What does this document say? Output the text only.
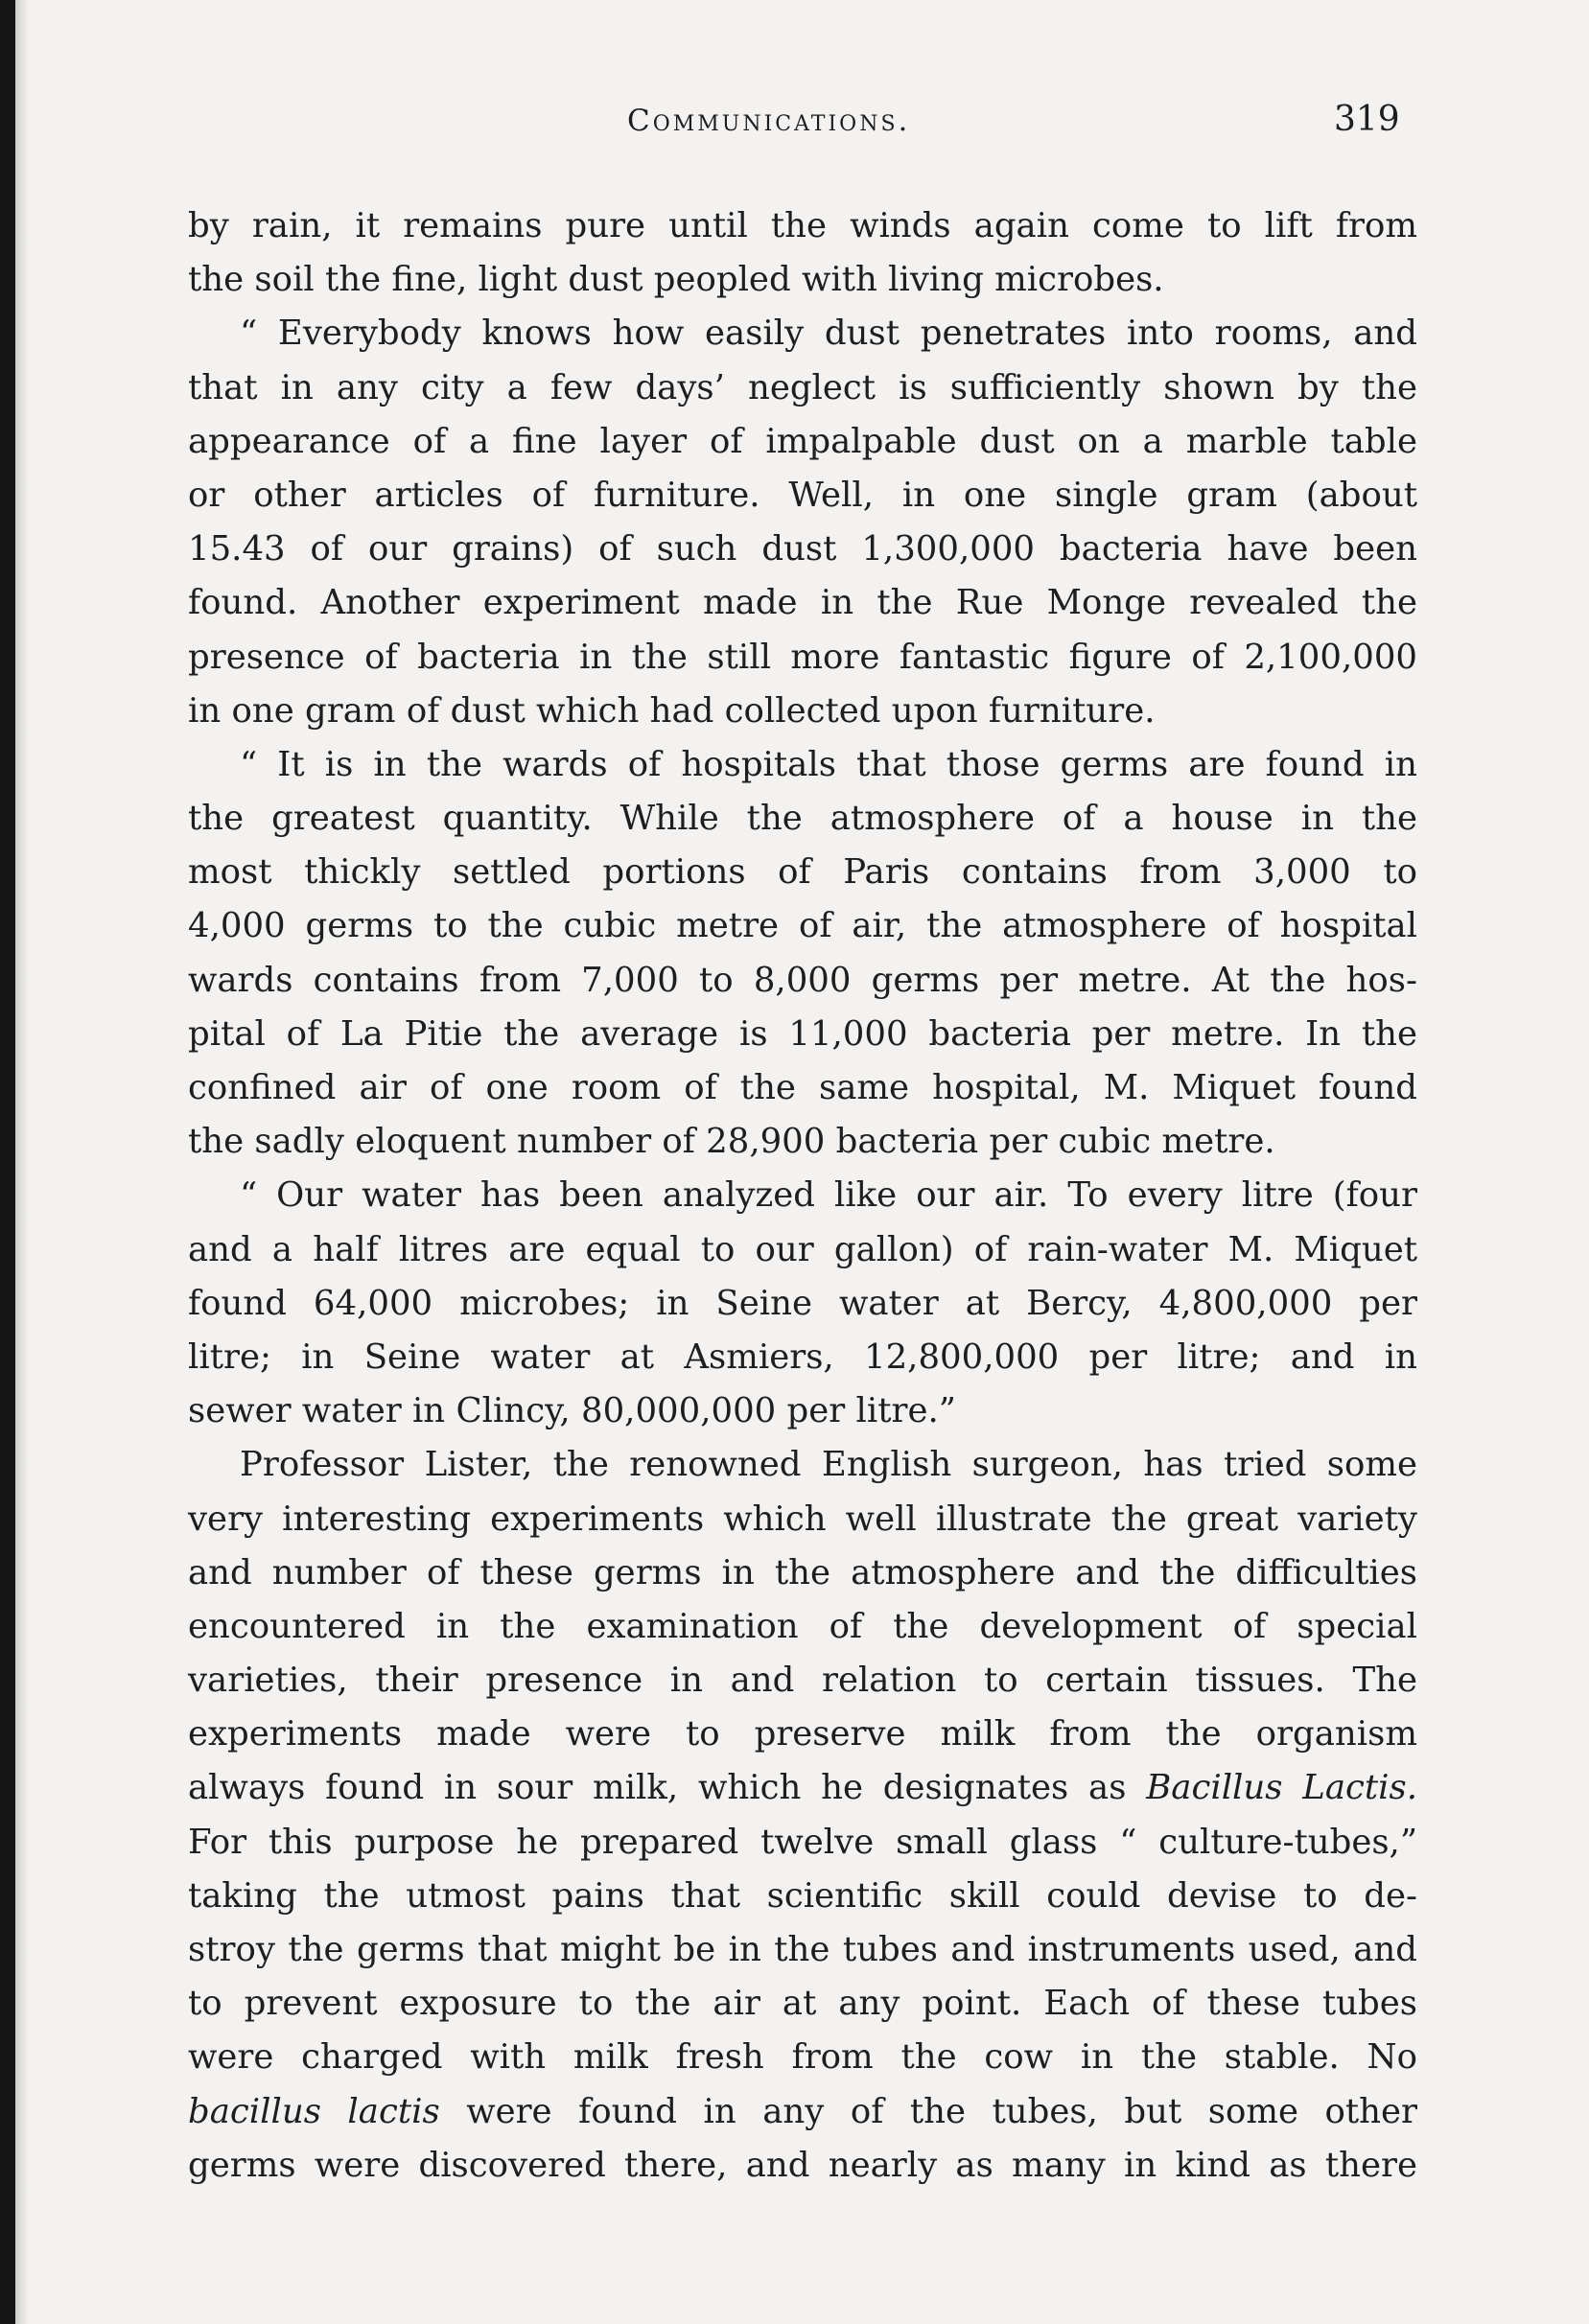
Communications.	319
by rain, it remains pure until the winds again come to lift from
the soil the fine, light dust peopled with living microbes.
“ Everybody knows how easily dust penetrates into rooms, and
that in any city a few days’ neglect is sufficiently shown by the
appearance of a fine layer of impalpable dust on a marble table
or other articles of furniture. Well, in one single gram (about
15.43 of our grains) of such dust 1,300,000 bacteria have been
found. Another experiment made in the Rue Monge revealed the
presence of bacteria in the still more fantastic figure of 2,100,000
in one gram of dust which had collected upon furniture.
“ It is in the wards of hospitals that those germs are found in
the greatest quantity. While the atmosphere of a house in the
most thickly settled portions of Paris contains from 3,000 to
4,000 germs to the cubic metre of air, the atmosphere of hospital
wards contains from 7,000 to 8,000 germs per metre. At the hos-
pital of La Pitie the average is 11,000 bacteria per metre. In the
confined air of one room of the same hospital, M. Miquet found
the sadly eloquent number of 28,900 bacteria per cubic metre.
“ Our water has been analyzed like our air. To every litre (four
and a half litres are equal to our gallon) of rain-water M. Miquet
found 64,000 microbes; in Seine water at Bercy, 4,800,000 per
litre; in Seine water at Asmiers, 12,800,000 per litre; and in
sewer water in Clincy, 80,000,000 per litre.”
Professor Lister, the renowned English surgeon, has tried some
very interesting experiments which well illustrate the great variety
and number of these germs in the atmosphere and the difficulties
encountered in the examination of the development of special
varieties, their presence in and relation to certain tissues. The
experiments made were to preserve milk from the organism
always found in sour milk, which he designates as Bacillus Lactis.
For this purpose he prepared twelve small glass “ culture-tubes,”
taking the utmost pains that scientific skill could devise to de-
stroy the germs that might be in the tubes and instruments used, and
to prevent exposure to the air at any point. Each of these tubes
were charged with milk fresh from the cow in the stable. No
bacillus lactis were found in any of the tubes, but some other
germs were discovered there, and nearly as many in kind as there
